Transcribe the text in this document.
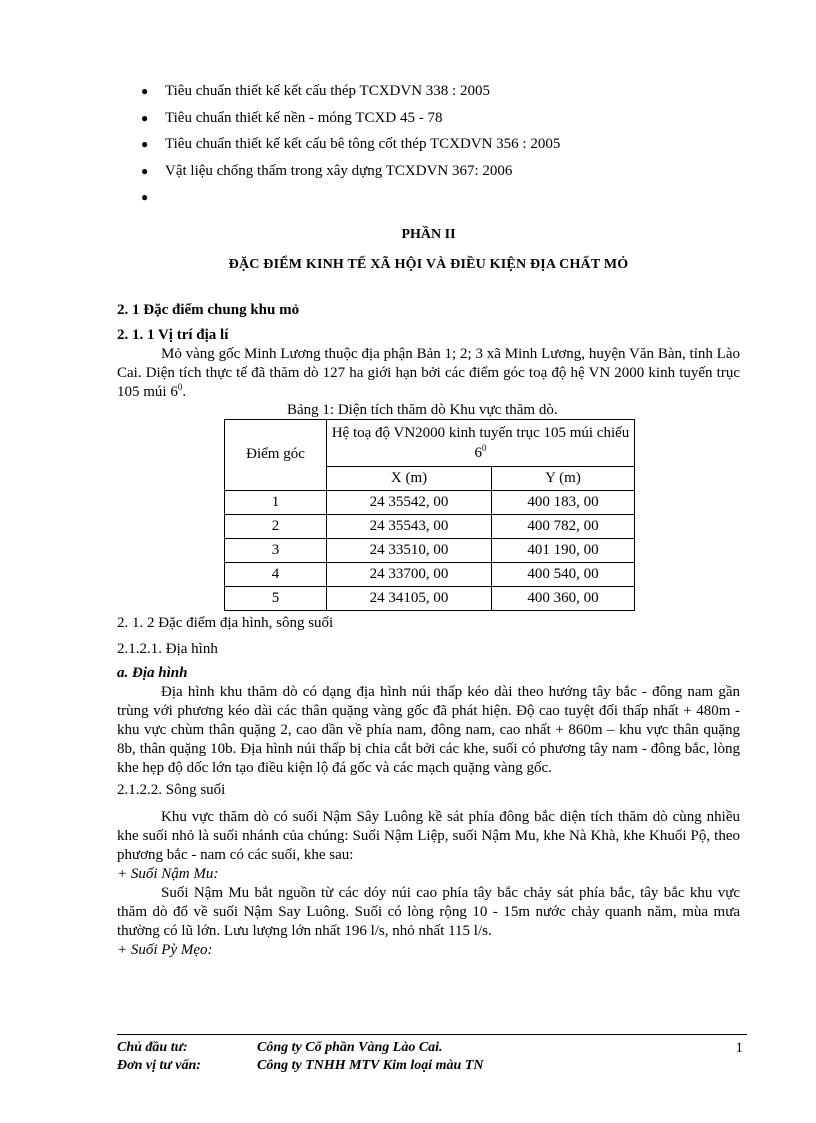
● Tiêu chuẩn thiết kế kết cấu thép TCXDVN 338 : 2005
● Tiêu chuẩn thiết kế nền - móng TCXD 45 - 78
● Tiêu chuẩn thiết kế kết cấu bê tông cốt thép TCXDVN 356 : 2005
● Vật liệu chống thấm trong xây dựng TCXDVN 367: 2006
●
PHẦN II
ĐẶC ĐIỂM KINH TẾ XÃ HỘI VÀ ĐIỀU KIỆN ĐỊA CHẤT MỎ
2. 1 Đặc điểm chung khu mỏ
2. 1. 1 Vị trí địa lí

Mỏ vàng gốc Minh Lương thuộc địa phận Bản 1; 2; 3 xã Minh Lương, huyện Văn Bàn, tỉnh Lào Cai. Diện tích thực tế đã thăm dò 127 ha giới hạn bởi các điểm góc toạ độ hệ VN 2000 kinh tuyến trục 105 múi $6^0$.

Bảng 1: Diện tích thăm dò Khu vực thăm dò.
Điểm góc	Hệ toạ độ VN2000 kinh tuyến trục 105 múi chiếu $6^0$
	X (m)	Y (m)
1	24 35542, 00	400 183, 00
2	24 35543, 00	400 782, 00
3	24 33510, 00	401 190, 00
4	24 33700, 00	400 540, 00
5	24 34105, 00	400 360, 00
2. 1. 2 Đặc điểm địa hình, sông suối
2.1.2.1. Địa hình
a. Địa hình

Địa hình khu thăm dò có dạng địa hình núi thấp kéo dài theo hướng tây bắc - đông nam gần trùng với phương kéo dài các thân quặng vàng gốc đã phát hiện. Độ cao tuyệt đối thấp nhất + 480m - khu vực chùm thân quặng 2, cao dần về phía nam, đông nam, cao nhất + 860m – khu vực thân quặng 8b, thân quặng 10b. Địa hình núi thấp bị chia cắt bởi các khe, suối có phương tây nam - đông bắc, lòng khe hẹp độ dốc lớn tạo điều kiện lộ đá gốc và các mạch quặng vàng gốc.

2.1.2.2. Sông suối

Khu vực thăm dò có suối Nậm Sây Luông kề sát phía đông bắc diện tích thăm dò cùng nhiều khe suối nhỏ là suối nhánh của chúng: Suối Nậm Liệp, suối Nậm Mu, khe Nà Khà, khe Khuổi Pộ, theo phương bắc - nam có các suối, khe sau:

+ Suối Nậm Mu:

Suối Nậm Mu bắt nguồn từ các dóy núi cao phía tây bắc chảy sát phía bắc, tây bắc khu vực thăm dò đổ về suối Nậm Say Luông. Suối có lòng rộng 10 - 15m nước chảy quanh năm, mùa mưa thường có lũ lớn. Lưu lượng lớn nhất 196 l/s, nhỏ nhất 115 l/s.

+ Suối Pỳ Mẹo:
Chủ đầu tư:	Công ty Cổ phần Vàng Lào Cai.	1
Đơn vị tư vấn:	Công ty TNHH MTV Kim loại màu TN
